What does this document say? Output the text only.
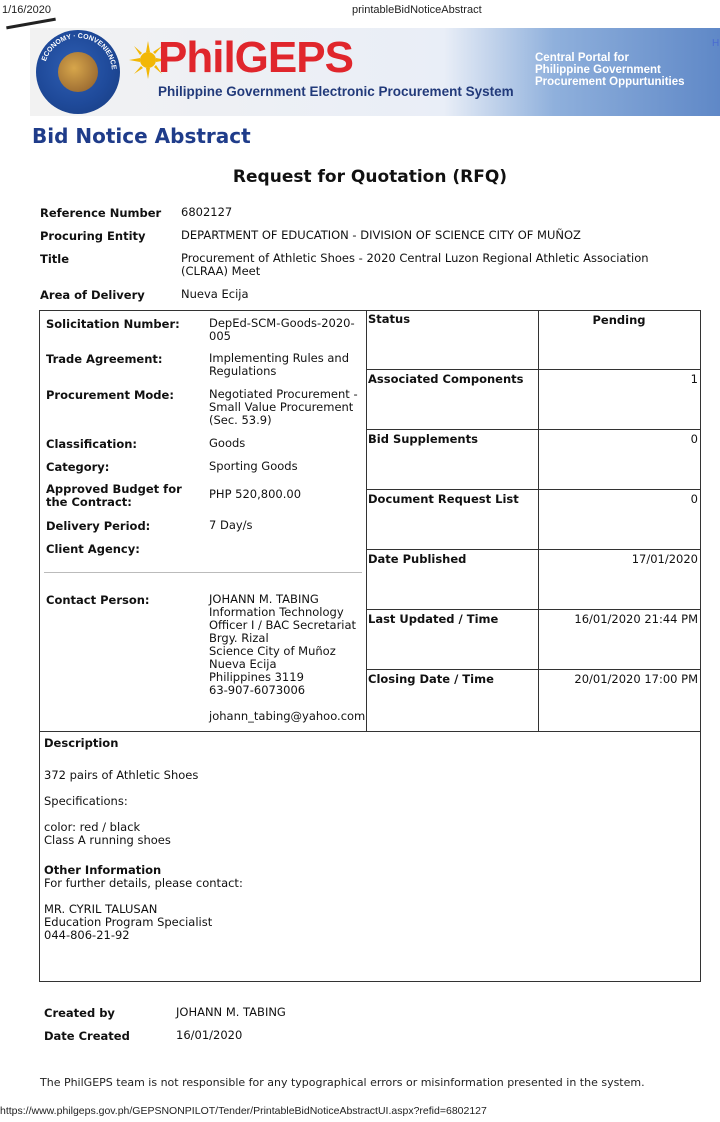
1/16/2020	printableBidNoticeAbstract
ECONOMY · CONVENIENCE PhilGEPS
Philippine Government Electronic Procurement System
Central Portal for
Philippine Government
Procurement Oppurtunities
H
Bid Notice Abstract
Request for Quotation (RFQ)
Reference Number 6802127
Procuring Entity	DEPARTMENT OF EDUCATION - DIVISION OF SCIENCE CITY OF MUÑOZ
Title	Procurement of Athletic Shoes - 2020 Central Luzon Regional Athletic Association (CLRAA) Meet
Area of Delivery	Nueva Ecija
Solicitation Number:	DepEd-SCM-Goods-2020-005
Trade Agreement:	Implementing Rules and Regulations
Procurement Mode:	Negotiated Procurement - Small Value Procurement (Sec. 53.9)
Classification:	Goods
Category:	Sporting Goods
Approved Budget for the Contract:
PHP 520,800.00
Delivery Period:	7 Day/s
Client Agency:
Contact Person:	JOHANN M. TABING
Information Technology
Officer I / BAC Secretariat
Brgy. Rizal
Science City of Muñoz
Nueva Ecija
Philippines 3119
63-907-6073006
johann_tabing@yahoo.com
Status	Pending
Associated Components	1
Bid Supplements	0
Document Request List	0
Date Published	17/01/2020
Last Updated / Time	16/01/2020 21:44 PM
Closing Date / Time	20/01/2020 17:00 PM
Description
372 pairs of Athletic Shoes
Specifications:
color: red / black
Class A running shoes
Other Information
For further details, please contact:
MR. CYRIL TALUSAN
Education Program Specialist
044-806-21-92
Created by	JOHANN M. TABING
Date Created	16/01/2020
The PhilGEPS team is not responsible for any typographical errors or misinformation presented in the system.
https://www.philgeps.gov.ph/GEPSNONPILOT/Tender/PrintableBidNoticeAbstractUI.aspx?refid=6802127
